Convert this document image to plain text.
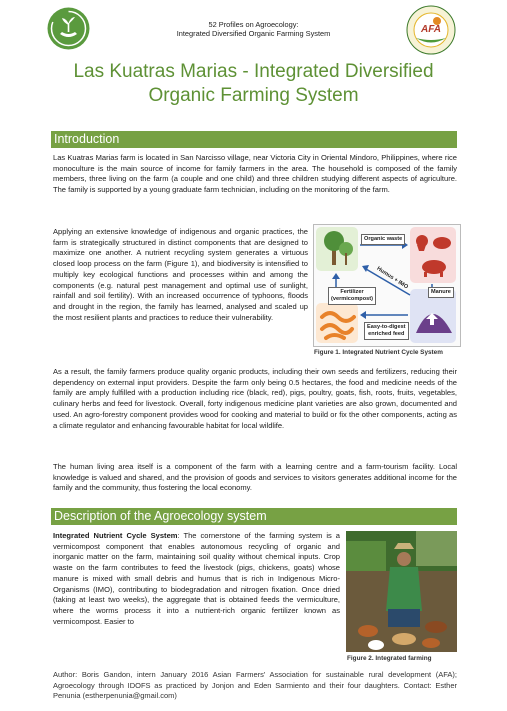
AFA
52 Profiles on Agroecology:
Integrated Diversified Organic Farming System
Las Kuatras Marias - Integrated Diversified
Organic Farming System
Introduction

Las Kuatras Marias farm is located in San Narcisso village, near Victoria City in Oriental Mindoro, Philippines, where rice monoculture is the main source of income for family farmers in the area. The household is composed of the family members, three living on the farm (a couple and one child) and three children studying different aspects of agriculture. The family is supported by a young graduate farm technician, including on the monitoring of the farm.

Applying an extensive knowledge of indigenous and organic practices, the farm is strategically structured in distinct components that are designed to maximize one another. A nutrient recycling system generates a virtuous closed loop process on the farm (Figure 1), and biodiversity is intensified to multiply key ecological functions and processes within and among the components (e.g. natural pest management and optimal use of sunlight, rainfall and soil fertility). With an increased occurrence of typhoons, floods and drought in the region, the family has learned, analysed and scaled up the most resilient plants and practices to reduce their vulnerability.

Organic waste
Manure
Humus + IMO
Fertilizer
(vermicompost)
Easy-to-digest
enriched feed
Figure 1. Integrated Nutrient Cycle System

As a result, the family farmers produce quality organic products, including their own seeds and fertilizers, reducing their dependency on external input providers. Despite the farm only being 0.5 hectares, the food and medicine needs of the family are amply fulfilled with a production including rice (black, red), pigs, poultry, goats, fish, roots, fruits, vegetables, culinary herbs and feed for livestock. Overall, forty indigenous medicine plant varieties are also grown, documented and used. An agro-forestry component provides wood for cooking and material to build or fix the other components, acting as a climate regulator and enhancing favourable habitat for local wildlife.

The human living area itself is a component of the farm with a learning centre and a farm-tourism facility. Local knowledge is valued and shared, and the provision of goods and services to visitors generates additional income for the family and the community, thus fostering the local economy.

Description of the Agroecology system

Integrated Nutrient Cycle System: The cornerstone of the farming system is a vermicompost component that enables autonomous recycling of organic and inorganic matter on the farm, maintaining soil quality without chemical inputs. Crop waste on the farm contributes to feed the livestock (pigs, chickens, goats) whose manure is mixed with small debris and humus that is rich in Indigenous Micro-Organisms (IMO), contributing to biodegradation and nitrogen fixation. Once dried (taking at least two weeks), the aggregate that is obtained feeds the vermiculture, where the worms process it into a nutrient-rich organic fertilizer known as vermicompost. Easier to

Figure 2. Integrated farming

Author: Boris Gandon, intern January 2016 Asian Farmers' Association for sustainable rural development (AFA); Agroecology through IDOFS as practiced by Jonjon and Eden Sarmiento and their four daughters. Contact: Esther Penunia (estherpenunia@gmail.com)
